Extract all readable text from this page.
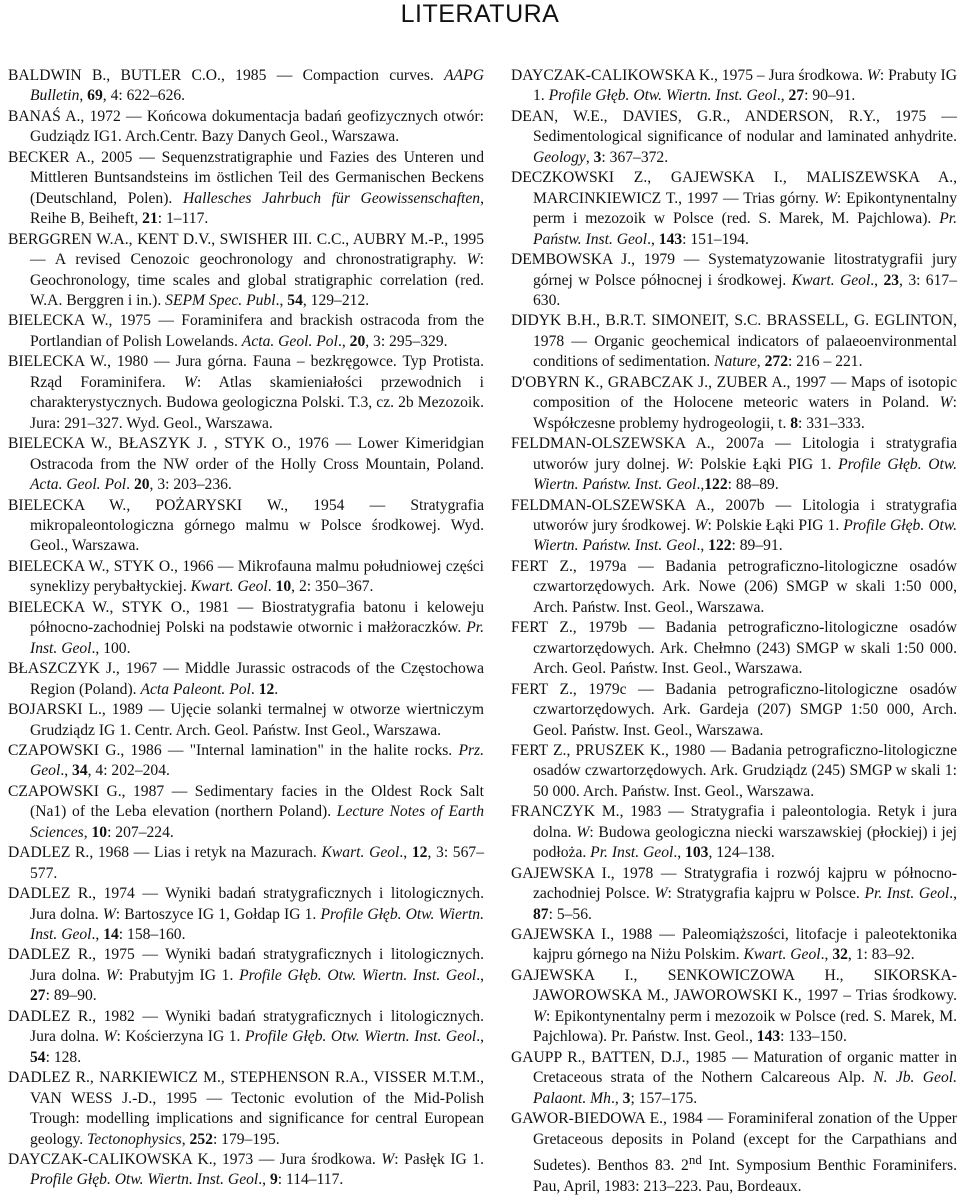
LITERATURA

BALDWIN B., BUTLER C.O., 1985 — Compaction curves. AAPG Bulletin, 69, 4: 622–626.

BANAŚ A., 1972 — Końcowa dokumentacja badań geofizycznych otwór: Gudziądz IG1. Arch.Centr. Bazy Danych Geol., Warszawa.

BECKER A., 2005 — Sequenzstratigraphie und Fazies des Unteren und Mittleren Buntsandsteins im östlichen Teil des Germanischen Beckens (Deutschland, Polen). Hallesches Jahrbuch für Geowissenschaften, Reihe B, Beiheft, 21: 1–117.

BERGGREN W.A., KENT D.V., SWISHER III. C.C., AUBRY M.-P., 1995 — A revised Cenozoic geochronology and chronostratigraphy. W: Geochronology, time scales and global stratigraphic correlation (red. W.A. Berggren i in.). SEPM Spec. Publ., 54, 129–212.

BIELECKA W., 1975 — Foraminifera and brackish ostracoda from the Portlandian of Polish Lowelands. Acta. Geol. Pol., 20, 3: 295–329.

BIELECKA W., 1980 — Jura górna. Fauna – bezkręgowce. Typ Protista. Rząd Foraminifera. W: Atlas skamieniałości przewodnich i charakterystycznych. Budowa geologiczna Polski. T.3, cz. 2b Mezozoik. Jura: 291–327. Wyd. Geol., Warszawa.

BIELECKA W., BŁASZYK J. , STYK O., 1976 — Lower Kimeridgian Ostracoda from the NW order of the Holly Cross Mountain, Poland. Acta. Geol. Pol. 20, 3: 203–236.

BIELECKA W., POŻARYSKI W., 1954 — Stratygrafia mikropaleontologiczna górnego malmu w Polsce środkowej. Wyd. Geol., Warszawa.

BIELECKA W., STYK O., 1966 — Mikrofauna malmu południowej części syneklizy perybałtyckiej. Kwart. Geol. 10, 2: 350–367.

BIELECKA W., STYK O., 1981 — Biostratygrafia batonu i keloweju północno-zachodniej Polski na podstawie otwornic i małżoraczków. Pr. Inst. Geol., 100.

BŁASZCZYK J., 1967 — Middle Jurassic ostracods of the Częstochowa Region (Poland). Acta Paleont. Pol. 12.

BOJARSKI L., 1989 — Ujęcie solanki termalnej w otworze wiertniczym Grudziądz IG 1. Centr. Arch. Geol. Państw. Inst Geol., Warszawa.

CZAPOWSKI G., 1986 — "Internal lamination" in the halite rocks. Prz. Geol., 34, 4: 202–204.

CZAPOWSKI G., 1987 — Sedimentary facies in the Oldest Rock Salt (Na1) of the Leba elevation (northern Poland). Lecture Notes of Earth Sciences, 10: 207–224.

DADLEZ R., 1968 — Lias i retyk na Mazurach. Kwart. Geol., 12, 3: 567–577.

DADLEZ R., 1974 — Wyniki badań stratygraficznych i litologicznych. Jura dolna. W: Bartoszyce IG 1, Gołdap IG 1. Profile Głęb. Otw. Wiertn. Inst. Geol., 14: 158–160.

DADLEZ R., 1975 — Wyniki badań stratygraficznych i litologicznych. Jura dolna. W: Prabutyjm IG 1. Profile Głęb. Otw. Wiertn. Inst. Geol., 27: 89–90.

DADLEZ R., 1982 — Wyniki badań stratygraficznych i litologicznych. Jura dolna. W: Kościerzyna IG 1. Profile Głęb. Otw. Wiertn. Inst. Geol., 54: 128.

DADLEZ R., NARKIEWICZ M., STEPHENSON R.A., VISSER M.T.M., VAN WESS J.-D., 1995 — Tectonic evolution of the Mid-Polish Trough: modelling implications and significance for central European geology. Tectonophysics, 252: 179–195.

DAYCZAK-CALIKOWSKA K., 1973 — Jura środkowa. W: Pasłęk IG 1. Profile Głęb. Otw. Wiertn. Inst. Geol., 9: 114–117.

DAYCZAK-CALIKOWSKA K., 1975 – Jura środkowa. W: Prabuty IG 1. Profile Głęb. Otw. Wiertn. Inst. Geol., 27: 90–91.

DEAN, W.E., DAVIES, G.R., ANDERSON, R.Y., 1975 — Sedimentological significance of nodular and laminated anhydrite. Geology, 3: 367–372.

DECZKOWSKI Z., GAJEWSKA I., MALISZEWSKA A., MARCINKIEWICZ T., 1997 — Trias górny. W: Epikontynentalny perm i mezozoik w Polsce (red. S. Marek, M. Pajchlowa). Pr. Państw. Inst. Geol., 143: 151–194.

DEMBOWSKA J., 1979 — Systematyzowanie litostratygrafii jury górnej w Polsce północnej i środkowej. Kwart. Geol., 23, 3: 617–630.

DIDYK B.H., B.R.T. SIMONEIT, S.C. BRASSELL, G. EGLINTON, 1978 — Organic geochemical indicators of palaeoenvironmental conditions of sedimentation. Nature, 272: 216 – 221.

D'OBYRN K., GRABCZAK J., ZUBER A., 1997 — Maps of isotopic composition of the Holocene meteoric waters in Poland. W: Współczesne problemy hydrogeologii, t. 8: 331–333.

FELDMAN-OLSZEWSKA A., 2007a — Litologia i stratygrafia utworów jury dolnej. W: Polskie Łąki PIG 1. Profile Głęb. Otw. Wiertn. Państw. Inst. Geol.,122: 88–89.

FELDMAN-OLSZEWSKA A., 2007b — Litologia i stratygrafia utworów jury środkowej. W: Polskie Łąki PIG 1. Profile Głęb. Otw. Wiertn. Państw. Inst. Geol., 122: 89–91.

FERT Z., 1979a — Badania petrograficzno-litologiczne osadów czwartorzędowych. Ark. Nowe (206) SMGP w skali 1:50 000, Arch. Państw. Inst. Geol., Warszawa.

FERT Z., 1979b — Badania petrograficzno-litologiczne osadów czwartorzędowych. Ark. Chełmno (243) SMGP w skali 1:50 000. Arch. Geol. Państw. Inst. Geol., Warszawa.

FERT Z., 1979c — Badania petrograficzno-litologiczne osadów czwartorzędowych. Ark. Gardeja (207) SMGP 1:50 000, Arch. Geol. Państw. Inst. Geol., Warszawa.

FERT Z., PRUSZEK K., 1980 — Badania petrograficzno-litologiczne osadów czwartorzędowych. Ark. Grudziądz (245) SMGP w skali 1: 50 000. Arch. Państw. Inst. Geol., Warszawa.

FRANCZYK M., 1983 — Stratygrafia i paleontologia. Retyk i jura dolna. W: Budowa geologiczna niecki warszawskiej (płockiej) i jej podłoża. Pr. Inst. Geol., 103, 124–138.

GAJEWSKA I., 1978 — Stratygrafia i rozwój kajpru w północno-zachodniej Polsce. W: Stratygrafia kajpru w Polsce. Pr. Inst. Geol., 87: 5–56.

GAJEWSKA I., 1988 — Paleomiąższości, litofacje i paleotektonika kajpru górnego na Niżu Polskim. Kwart. Geol., 32, 1: 83–92.

GAJEWSKA I., SENKOWICZOWA H., SIKORSKA-JAWOROWSKA M., JAWOROWSKI K., 1997 – Trias środkowy. W: Epikontynentalny perm i mezozoik w Polsce (red. S. Marek, M. Pajchlowa). Pr. Państw. Inst. Geol., 143: 133–150.

GAUPP R., BATTEN, D.J., 1985 — Maturation of organic matter in Cretaceous strata of the Nothern Calcareous Alp. N. Jb. Geol. Palaont. Mh., 3; 157–175.

GAWOR-BIEDOWA E., 1984 — Foraminiferal zonation of the Upper Gretaceous deposits in Poland (except for the Carpathians and Sudetes). Benthos 83. 2nd Int. Symposium Benthic Foraminifers. Pau, April, 1983: 213–223. Pau, Bordeaux.
